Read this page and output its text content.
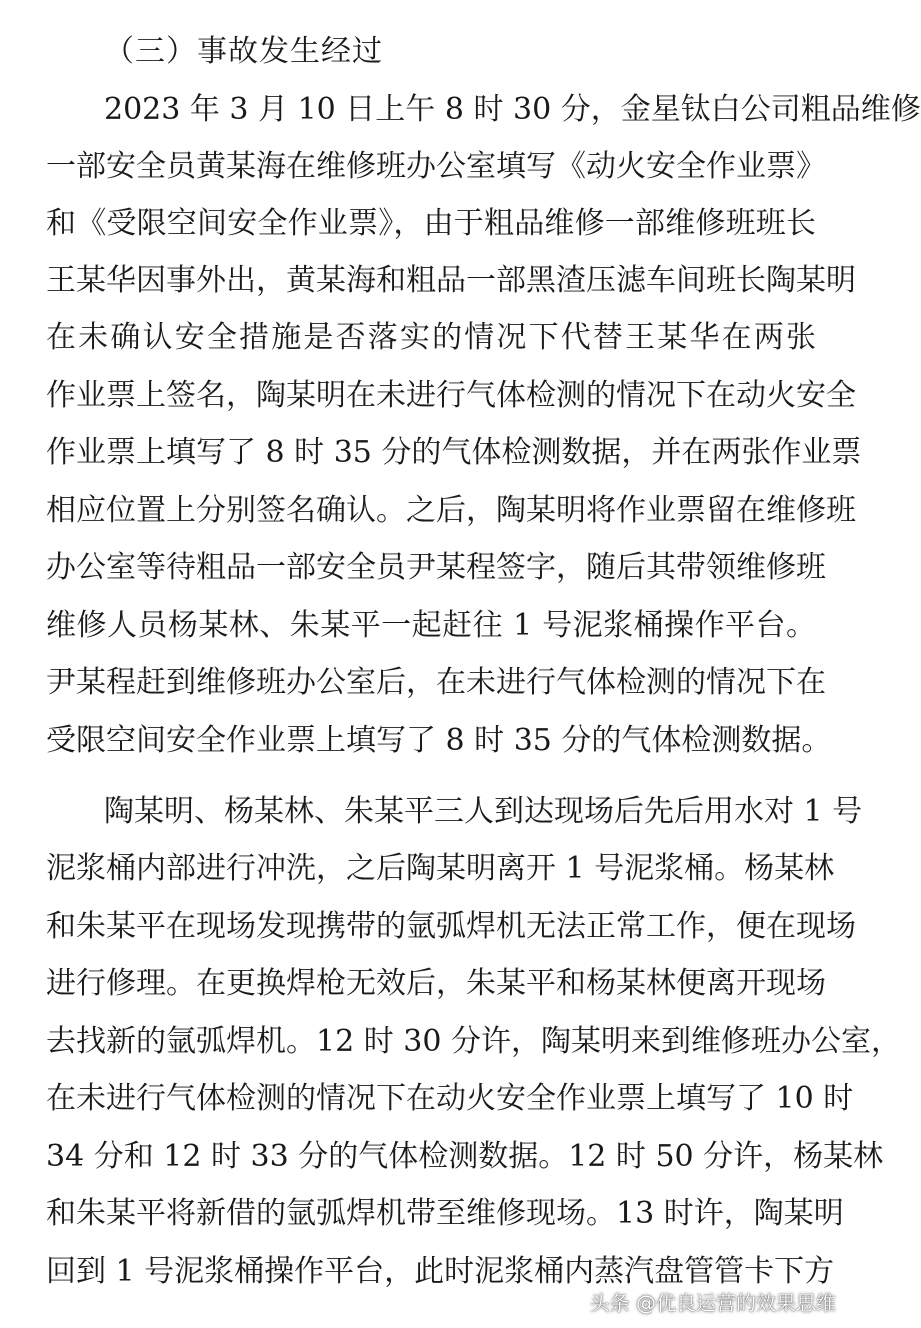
（三）事故发生经过
2023 年 3 月 10 日上午 8 时 30 分，金星钛白公司粗品维修
一部安全员黄某海在维修班办公室填写《动火安全作业票》
和《受限空间安全作业票》，由于粗品维修一部维修班班长
王某华因事外出，黄某海和粗品一部黑渣压滤车间班长陶某明
在未确认安全措施是否落实的情况下代替王某华在两张
作业票上签名，陶某明在未进行气体检测的情况下在动火安全
作业票上填写了 8 时 35 分的气体检测数据，并在两张作业票
相应位置上分别签名确认。之后，陶某明将作业票留在维修班
办公室等待粗品一部安全员尹某程签字，随后其带领维修班
维修人员杨某林、朱某平一起赶往 1 号泥浆桶操作平台。
尹某程赶到维修班办公室后，在未进行气体检测的情况下在
受限空间安全作业票上填写了 8 时 35 分的气体检测数据。
陶某明、杨某林、朱某平三人到达现场后先后用水对 1 号
泥浆桶内部进行冲洗，之后陶某明离开 1 号泥浆桶。杨某林
和朱某平在现场发现携带的氩弧焊机无法正常工作，便在现场
进行修理。在更换焊枪无效后，朱某平和杨某林便离开现场
去找新的氩弧焊机。12 时 30 分许，陶某明来到维修班办公室，
在未进行气体检测的情况下在动火安全作业票上填写了 10 时
34 分和 12 时 33 分的气体检测数据。12 时 50 分许，杨某林
和朱某平将新借的氩弧焊机带至维修现场。13 时许，陶某明
回到 1 号泥浆桶操作平台，此时泥浆桶内蒸汽盘管管卡下方
头条 @优良运营的效果思维
